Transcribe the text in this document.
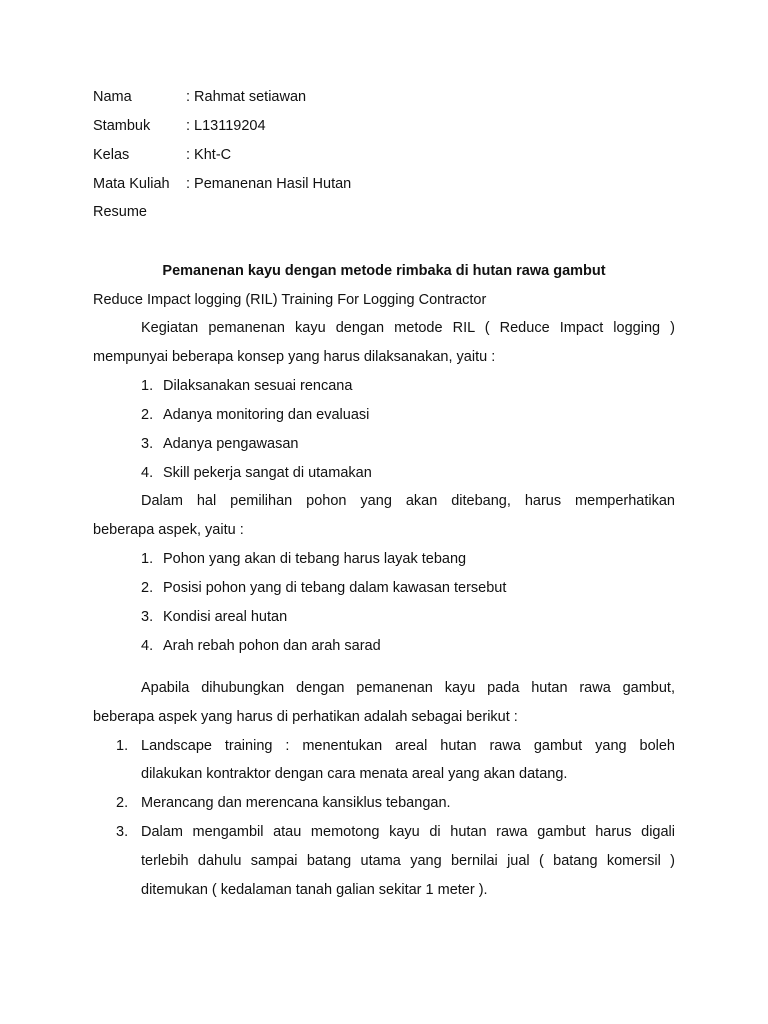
Nama	: Rahmat setiawan
Stambuk : L13119204
Kelas	: Kht-C
Mata Kuliah : Pemanenan Hasil Hutan
Resume
Pemanenan kayu dengan metode rimbaka di hutan rawa gambut
Reduce Impact logging (RIL) Training For Logging Contractor
Kegiatan pemanenan kayu dengan metode RIL ( Reduce Impact logging )
mempunyai beberapa konsep yang harus dilaksanakan, yaitu :
1. Dilaksanakan sesuai rencana
2. Adanya monitoring dan evaluasi
3. Adanya pengawasan
4. Skill pekerja sangat di utamakan
Dalam hal pemilihan pohon yang akan ditebang, harus memperhatikan
beberapa aspek, yaitu :
1. Pohon yang akan di tebang harus layak tebang
2. Posisi pohon yang di tebang dalam kawasan tersebut
3. Kondisi areal hutan
4. Arah rebah pohon dan arah sarad
Apabila dihubungkan dengan pemanenan kayu pada hutan rawa gambut,
beberapa aspek yang harus di perhatikan adalah sebagai berikut :
1. Landscape training : menentukan areal hutan rawa gambut yang boleh
dilakukan kontraktor dengan cara menata areal yang akan datang.
2. Merancang dan merencana kansiklus tebangan.
3. Dalam mengambil atau memotong kayu di hutan rawa gambut harus digali
terlebih dahulu sampai batang utama yang bernilai jual ( batang komersil )
ditemukan ( kedalaman tanah galian sekitar 1 meter ).
